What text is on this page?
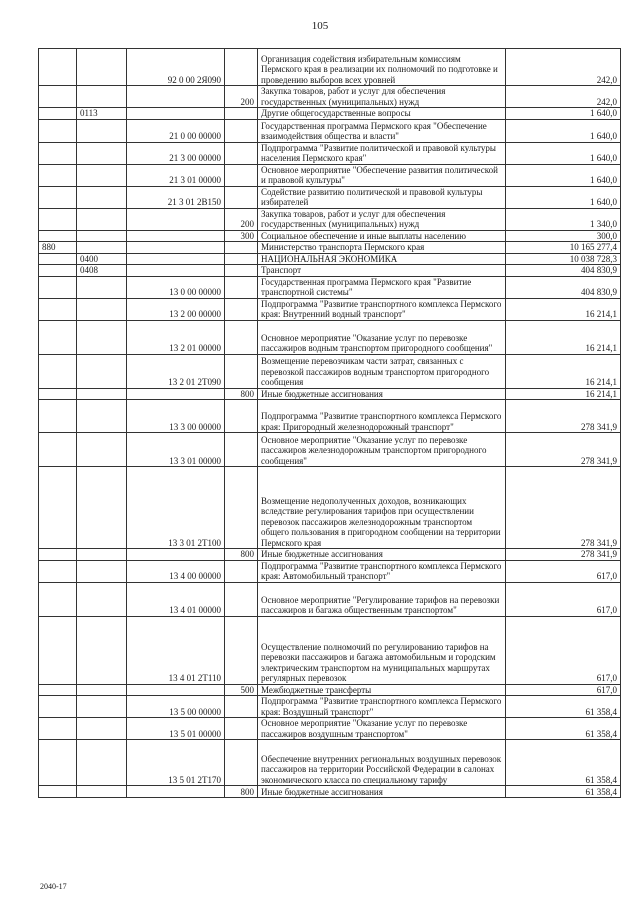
105
		92 0 00 2Я090		Организация содействия избирательным комиссиям Пермского края в реализации их полномочий по подготовке и проведению выборов всех уровней	242,0
			200	Закупка товаров, работ и услуг для обеспечения государственных (муниципальных) нужд	242,0
	0113			Другие общегосударственные вопросы	1 640,0
		21 0 00 00000		Государственная программа Пермского края "Обеспечение взаимодействия общества и власти"	1 640,0
		21 3 00 00000		Подпрограмма "Развитие политической и правовой культуры населения Пермского края"	1 640,0
		21 3 01 00000		Основное мероприятие "Обеспечение развития политической и правовой культуры"	1 640,0
		21 3 01 2В150		Содействие развитию политической и правовой культуры избирателей	1 640,0
			200	Закупка товаров, работ и услуг для обеспечения государственных (муниципальных) нужд	1 340,0
			300	Социальное обеспечение и иные выплаты населению	300,0
880				Министерство транспорта Пермского края	10 165 277,4
	0400			НАЦИОНАЛЬНАЯ ЭКОНОМИКА	10 038 728,3
	0408			Транспорт	404 830,9
		13 0 00 00000		Государственная программа Пермского края "Развитие транспортной системы"	404 830,9
		13 2 00 00000		Подпрограмма "Развитие транспортного комплекса Пермского края: Внутренний водный транспорт"	16 214,1
		13 2 01 00000		Основное мероприятие "Оказание услуг по перевозке пассажиров водным транспортом пригородного сообщения"	16 214,1
		13 2 01 2Т090		Возмещение перевозчикам части затрат, связанных с перевозкой пассажиров водным транспортом пригородного сообщения	16 214,1
			800	Иные бюджетные ассигнования	16 214,1
		13 3 00 00000		Подпрограмма "Развитие транспортного комплекса Пермского края: Пригородный железнодорожный транспорт"	278 341,9
		13 3 01 00000		Основное мероприятие "Оказание услуг по перевозке пассажиров железнодорожным транспортом пригородного сообщения"	278 341,9
		13 3 01 2Т100		Возмещение недополученных доходов, возникающих вследствие регулирования тарифов при осуществлении перевозок пассажиров железнодорожным транспортом общего пользования в пригородном сообщении на территории Пермского края	278 341,9
			800	Иные бюджетные ассигнования	278 341,9
		13 4 00 00000		Подпрограмма "Развитие транспортного комплекса Пермского края: Автомобильный транспорт"	617,0
		13 4 01 00000		Основное мероприятие "Регулирование тарифов на перевозки пассажиров и багажа общественным транспортом"	617,0
		13 4 01 2Т110		Осуществление полномочий по регулированию тарифов на перевозки пассажиров и багажа автомобильным и городским электрическим транспортом на муниципальных маршрутах регулярных перевозок	617,0
			500	Межбюджетные трансферты	617,0
		13 5 00 00000		Подпрограмма "Развитие транспортного комплекса Пермского края: Воздушный транспорт"	61 358,4
		13 5 01 00000		Основное мероприятие "Оказание услуг по перевозке пассажиров воздушным транспортом"	61 358,4
		13 5 01 2Т170		Обеспечение внутренних региональных воздушных перевозок пассажиров на территории Российской Федерации в салонах экономического класса по специальному тарифу	61 358,4
			800	Иные бюджетные ассигнования	61 358,4
2040-17
